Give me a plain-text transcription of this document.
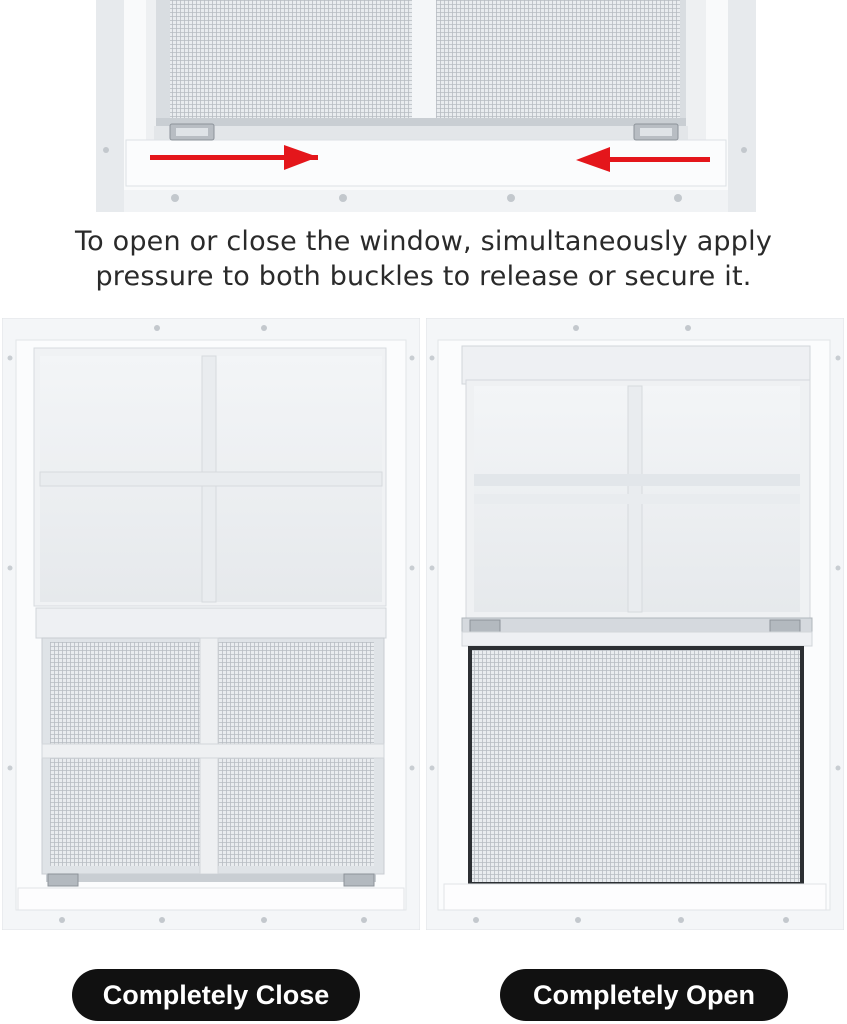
To open or close the window, simultaneously apply
pressure to both buckles to release or secure it.
Completely Close	Completely Open
